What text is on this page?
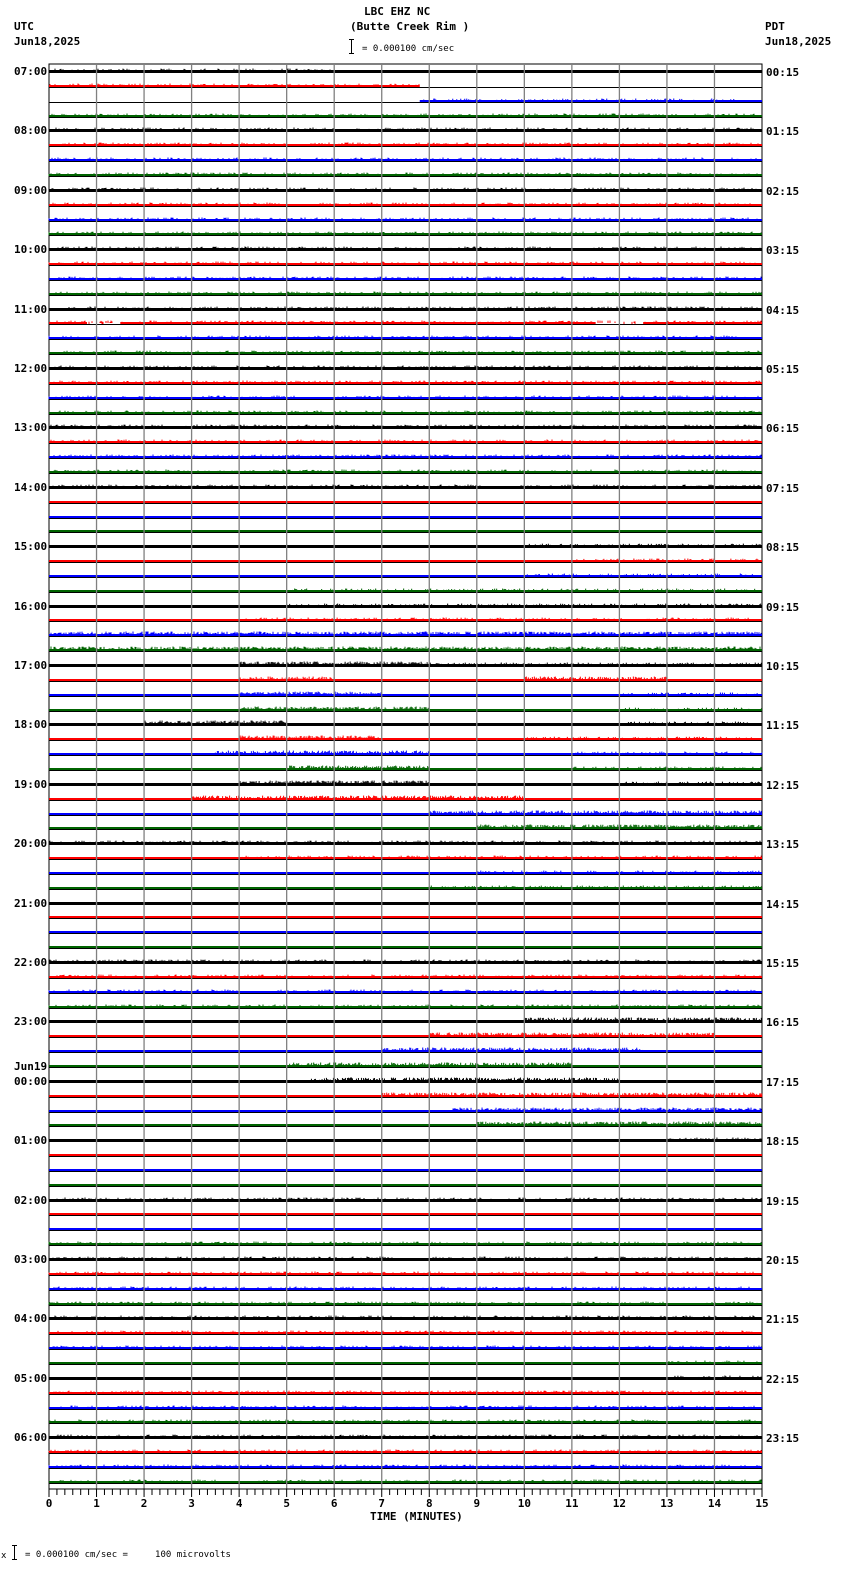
LBC EHZ NC
(Butte Creek Rim )
= 0.000100 cm/sec
UTC
Jun18,2025
PDT
Jun18,2025
0	1	2	3	4	5	6	7	8	9	10	11	12	13	14	15
07:00
08:00
09:00
10:00
11:00
12:00
13:00
14:00
15:00
16:00
17:00
18:00
19:00
20:00
21:00
22:00
23:00
Jun19
00:00
01:00
02:00
03:00
04:00
05:00
06:00
00:15
01:15
02:15
03:15
04:15
05:15
06:15
07:15
08:15
09:15
10:15
11:15
12:15
13:15
14:15
15:15
16:15
17:15
18:15
19:15
20:15
21:15
22:15
23:15
TIME (MINUTES)
x = 0.000100 cm/sec =     100 microvolts
